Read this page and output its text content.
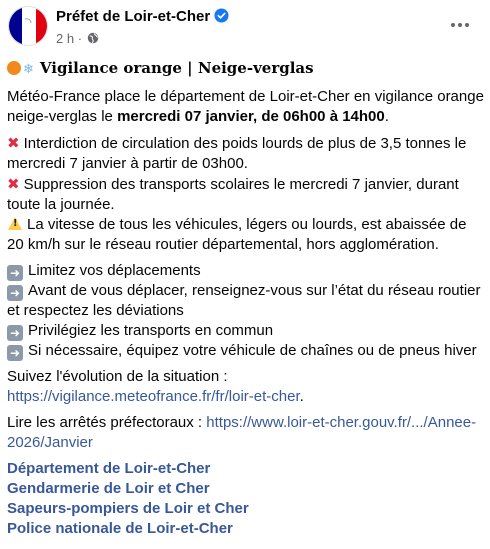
Préfet de Loir-et-Cher
2 h ·
❄ Vigilance orange | Neige-verglas

Météo-France place le département de Loir-et-Cher en vigilance orange neige-verglas le mercredi 07 janvier, de 06h00 à 14h00.

✖ Interdiction de circulation des poids lourds de plus de 3,5 tonnes le mercredi 7 janvier à partir de 03h00.

✖ Suppression des transports scolaires le mercredi 7 janvier, durant toute la journée.

!La vitesse de tous les véhicules, légers ou lourds, est abaissée de 20 km/h sur le réseau routier départemental, hors agglomération.

➜ Limitez vos déplacements

➜ Avant de vous déplacer, renseignez-vous sur l’état du réseau routier et respectez les déviations

➜ Privilégiez les transports en commun

➜ Si nécessaire, équipez votre véhicule de chaînes ou de pneus hiver

Suivez l'évolution de la situation :
https://vigilance.meteofrance.fr/fr/loir-et-cher.

Lire les arrêtés préfectoraux : https://www.loir-et-cher.gouv.fr/.../Annee-2026/Janvier

Département de Loir-et-Cher
Gendarmerie de Loir et Cher
Sapeurs-pompiers de Loir et Cher
Police nationale de Loir-et-Cher
